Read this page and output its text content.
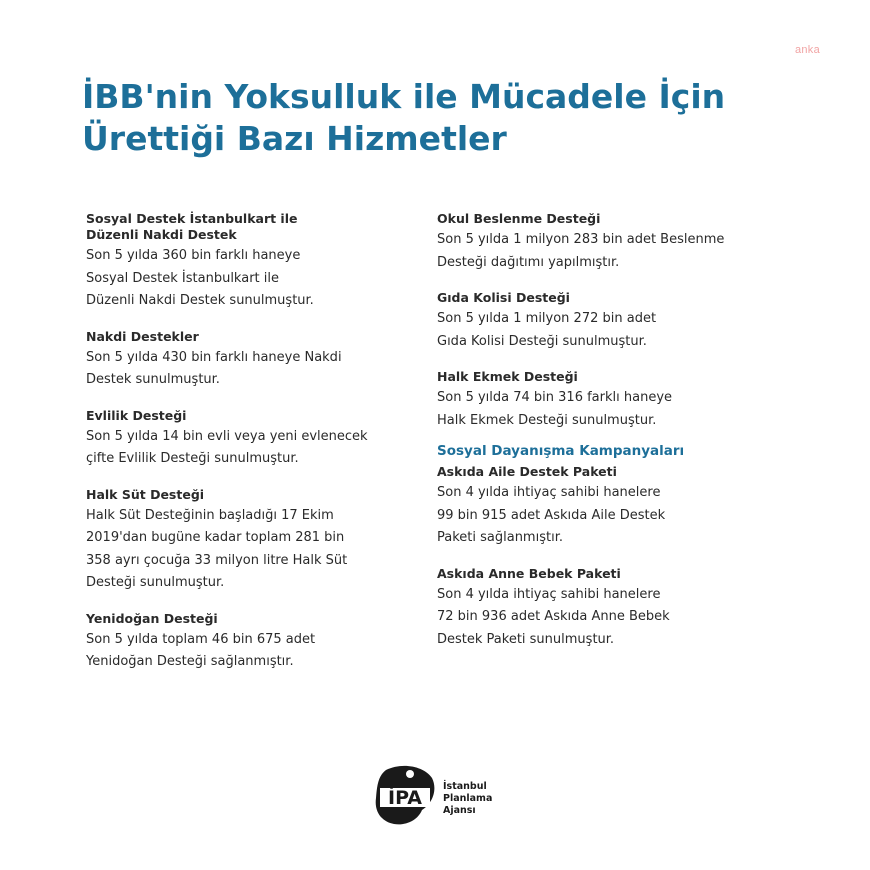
anka
İBB'nin Yoksulluk ile Mücadele İçin
Ürettiği Bazı Hizmetler
Sosyal Destek İstanbulkart ile
Düzenli Nakdi Destek
Son 5 yılda 360 bin farklı haneye
Sosyal Destek İstanbulkart ile
Düzenli Nakdi Destek sunulmuştur.
Nakdi Destekler
Son 5 yılda 430 bin farklı haneye Nakdi
Destek sunulmuştur.
Evlilik Desteği
Son 5 yılda 14 bin evli veya yeni evlenecek
çifte Evlilik Desteği sunulmuştur.
Halk Süt Desteği
Halk Süt Desteğinin başladığı 17 Ekim
2019'dan bugüne kadar toplam 281 bin
358 ayrı çocuğa 33 milyon litre Halk Süt
Desteği sunulmuştur.
Yenidoğan Desteği
Son 5 yılda toplam 46 bin 675 adet
Yenidoğan Desteği sağlanmıştır.
Okul Beslenme Desteği
Son 5 yılda 1 milyon 283 bin adet Beslenme
Desteği dağıtımı yapılmıştır.
Gıda Kolisi Desteği
Son 5 yılda 1 milyon 272 bin adet
Gıda Kolisi Desteği sunulmuştur.
Halk Ekmek Desteği
Son 5 yılda 74 bin 316 farklı haneye
Halk Ekmek Desteği sunulmuştur.
Sosyal Dayanışma Kampanyaları
Askıda Aile Destek Paketi
Son 4 yılda ihtiyaç sahibi hanelere
99 bin 915 adet Askıda Aile Destek
Paketi sağlanmıştır.
Askıda Anne Bebek Paketi
Son 4 yılda ihtiyaç sahibi hanelere
72 bin 936 adet Askıda Anne Bebek
Destek Paketi sunulmuştur.
İPA
İstanbul
Planlama
Ajansı
